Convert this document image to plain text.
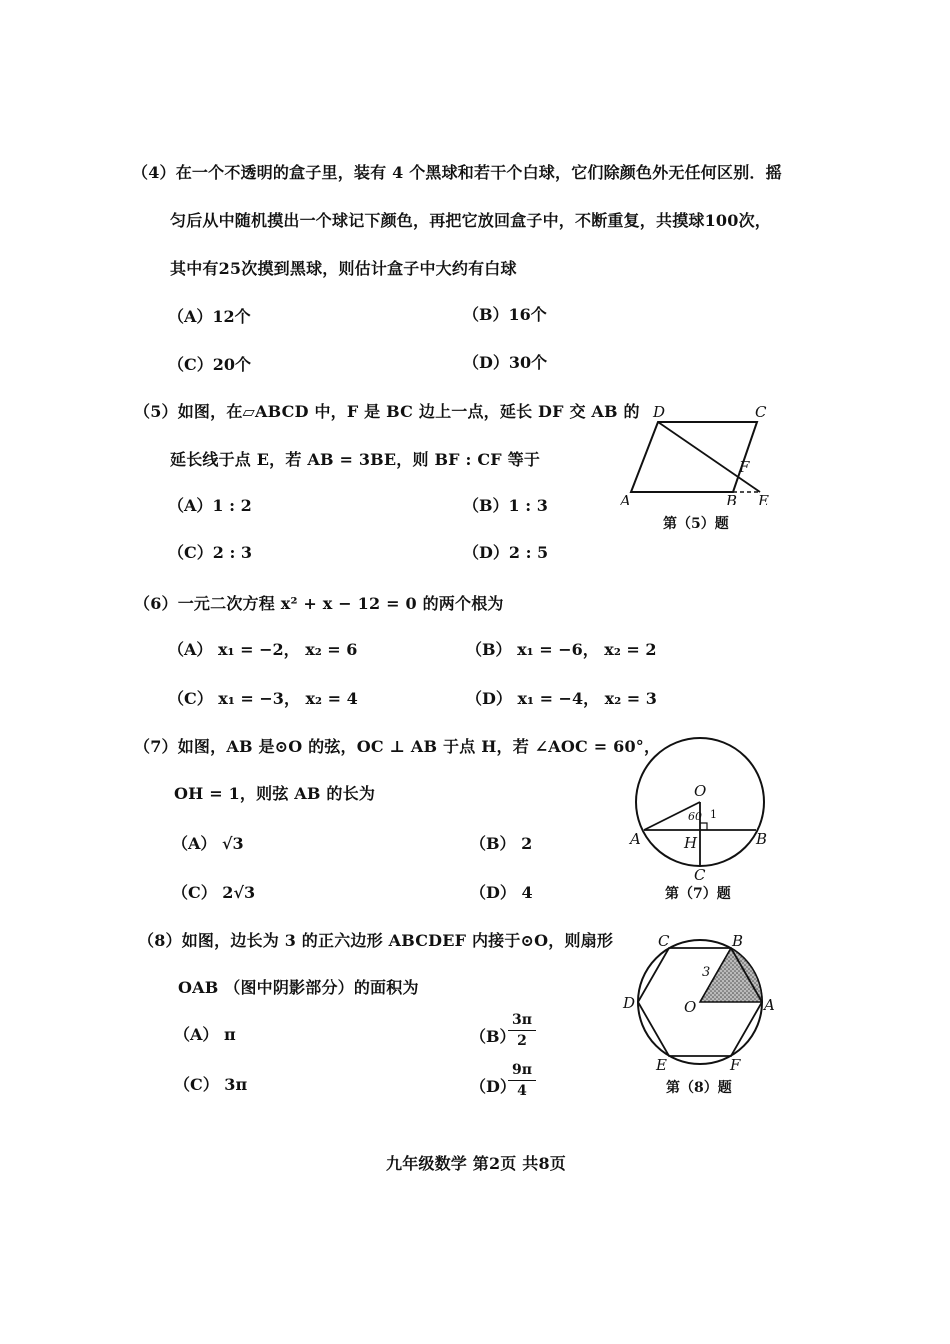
（4）在一个不透明的盒子里，装有 4 个黑球和若干个白球，它们除颜色外无任何区别．摇
匀后从中随机摸出一个球记下颜色，再把它放回盒子中，不断重复，共摸球100次，
其中有25次摸到黑球，则估计盒子中大约有白球
（A）12个	（B）16个
（C）20个	（D）30个
（5）如图，在▱ABCD 中，F 是 BC 边上一点，延长 DF 交 AB 的
延长线于点 E，若 AB = 3BE，则 BF : CF 等于
（A）1 : 2	（B）1 : 3
（C）2 : 3	（D）2 : 5
D	C
F
A	B E
第（5）题
（6）一元二次方程 x² + x − 12 = 0 的两个根为
（A） x₁ = −2， x₂ = 6	（B） x₁ = −6， x₂ = 2
（C） x₁ = −3， x₂ = 4	（D） x₁ = −4， x₂ = 3
（7）如图，AB 是⊙O 的弦，OC ⊥ AB 于点 H，若 ∠AOC = 60°，
OH = 1，则弦 AB 的长为
（A） √3	（B） 2
（C） 2√3	（D） 4
O
60 1
A	H	B
C
第（7）题
（8）如图，边长为 3 的正六边形 ABCDEF 内接于⊙O，则扇形
OAB （图中阴影部分）的面积为
（A） π	（B）
3π
2
（C） 3π	（D）
9π
4
C	B
3
D	O	A
E	F
第（8）题
九年级数学 第2页 共8页
